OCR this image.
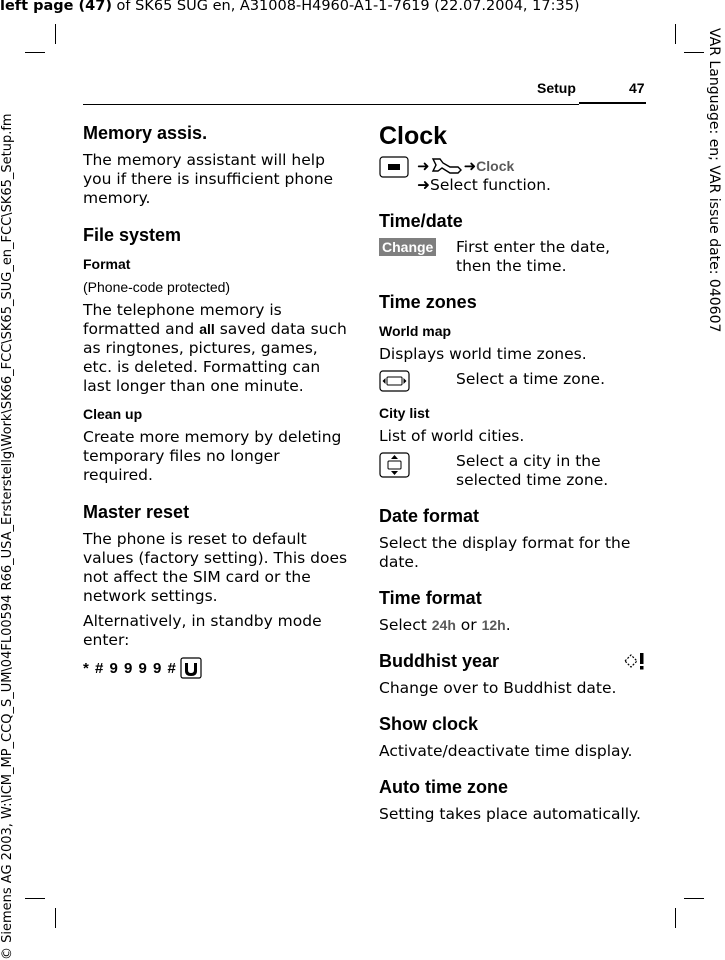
left page (47) of SK65 SUG en, A31008-H4960-A1-1-7619 (22.07.2004, 17:35)
VAR Language: en; VAR issue date: 040607
© Siemens AG 2003, W:\ICM_MP_CCQ_S_UM\04FL00594 R66_USA_Ersterstellg\Work\SK66_FCC\SK65_SUG_en_FCC\SK65_Setup.fm
Setup	47
Memory assis.

The memory assistant will help you if there is insufficient phone memory.

File system
Format
(Phone-code protected)

The telephone memory is formatted and all saved data such as ringtones, pictures, games, etc. is deleted. Formatting can last longer than one minute.

Clean up

Create more memory by deleting temporary files no longer required.

Master reset

The phone is reset to default values (factory setting). This does not affect the SIM card or the network settings.

Alternatively, in standby mode enter:

* # 9 9 9 9 #
Clock
➜ ➜ Clock
➜Select function.
Time/date
Change	First enter the date, then the time.

Time zones
World map

Displays world time zones.

Select a time zone.

City list

List of world cities.

Select a city in the selected time zone.

Date format

Select the display format for the date.

Time format

Select 24h or 12h.

Buddhist year

Change over to Buddhist date.

Show clock

Activate/deactivate time display.

Auto time zone

Setting takes place automatically.
